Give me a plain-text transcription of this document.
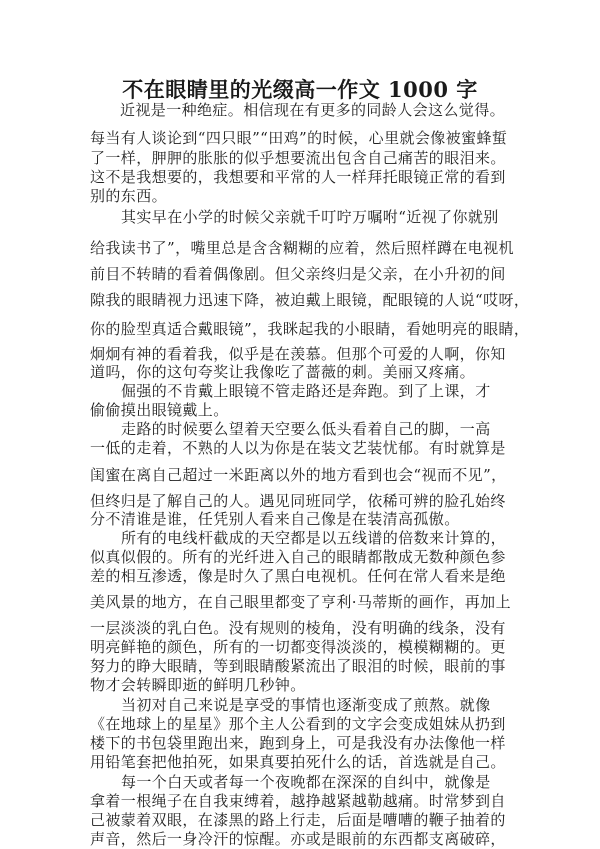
不在眼睛里的光缀高一作文 1000 字
近视是一种绝症。相信现在有更多的同龄人会这么觉得。
每当有人谈论到“四只眼”“田鸡”的时候，心里就会像被蜜蜂蜇
了一样，胛胛的胀胀的似乎想要流出包含自己痛苦的眼泪来。
这不是我想要的，我想要和平常的人一样拜托眼镜正常的看到
别的东西。
其实早在小学的时候父亲就千叮咛万嘱咐“近视了你就别
给我读书了”，嘴里总是含含糊糊的应着，然后照样蹲在电视机
前目不转睛的看着偶像剧。但父亲终归是父亲，在小升初的间
隙我的眼睛视力迅速下降，被迫戴上眼镜，配眼镜的人说“哎呀，
你的脸型真适合戴眼镜”，我眯起我的小眼睛，看她明亮的眼睛，
炯炯有神的看着我，似乎是在羡慕。但那个可爱的人啊，你知
道吗，你的这句夸奖让我像吃了蔷薇的刺。美丽又疼痛。
倔强的不肯戴上眼镜不管走路还是奔跑。到了上课，才
偷偷摸出眼镜戴上。
走路的时候要么望着天空要么低头看着自己的脚，一高
一低的走着，不熟的人以为你是在装文艺装忧郁。有时就算是
闺蜜在离自己超过一米距离以外的地方看到也会“视而不见”，
但终归是了解自己的人。遇见同班同学，依稀可辨的脸孔始终
分不清谁是谁，任凭别人看来自己像是在装清高孤傲。
所有的电线杆截成的天空都是以五线谱的倍数来计算的，
似真似假的。所有的光纤进入自己的眼睛都散成无数种颜色参
差的相互渗透，像是时久了黑白电视机。任何在常人看来是绝
美风景的地方，在自己眼里都变了亨利·马蒂斯的画作，再加上
一层淡淡的乳白色。没有规则的棱角，没有明确的线条，没有
明亮鲜艳的颜色，所有的一切都变得淡淡的，模模糊糊的。更
努力的睁大眼睛，等到眼睛酸紧流出了眼泪的时候，眼前的事
物才会转瞬即逝的鲜明几秒钟。
当初对自己来说是享受的事情也逐渐变成了煎熬。就像
《在地球上的星星》那个主人公看到的文字会变成姐妹从扔到
楼下的书包袋里跑出来，跑到身上，可是我没有办法像他一样
用铅笔套把他拍死，如果真要拍死什么的话，首选就是自己。
每一个白天或者每一个夜晚都在深深的自纠中，就像是
拿着一根绳子在自我束缚着，越挣越紧越勒越痛。时常梦到自
己被蒙着双眼，在漆黑的路上行走，后面是嘈嘈的鞭子抽着的
声音，然后一身冷汗的惊醒。亦或是眼前的东西都支离破碎，
